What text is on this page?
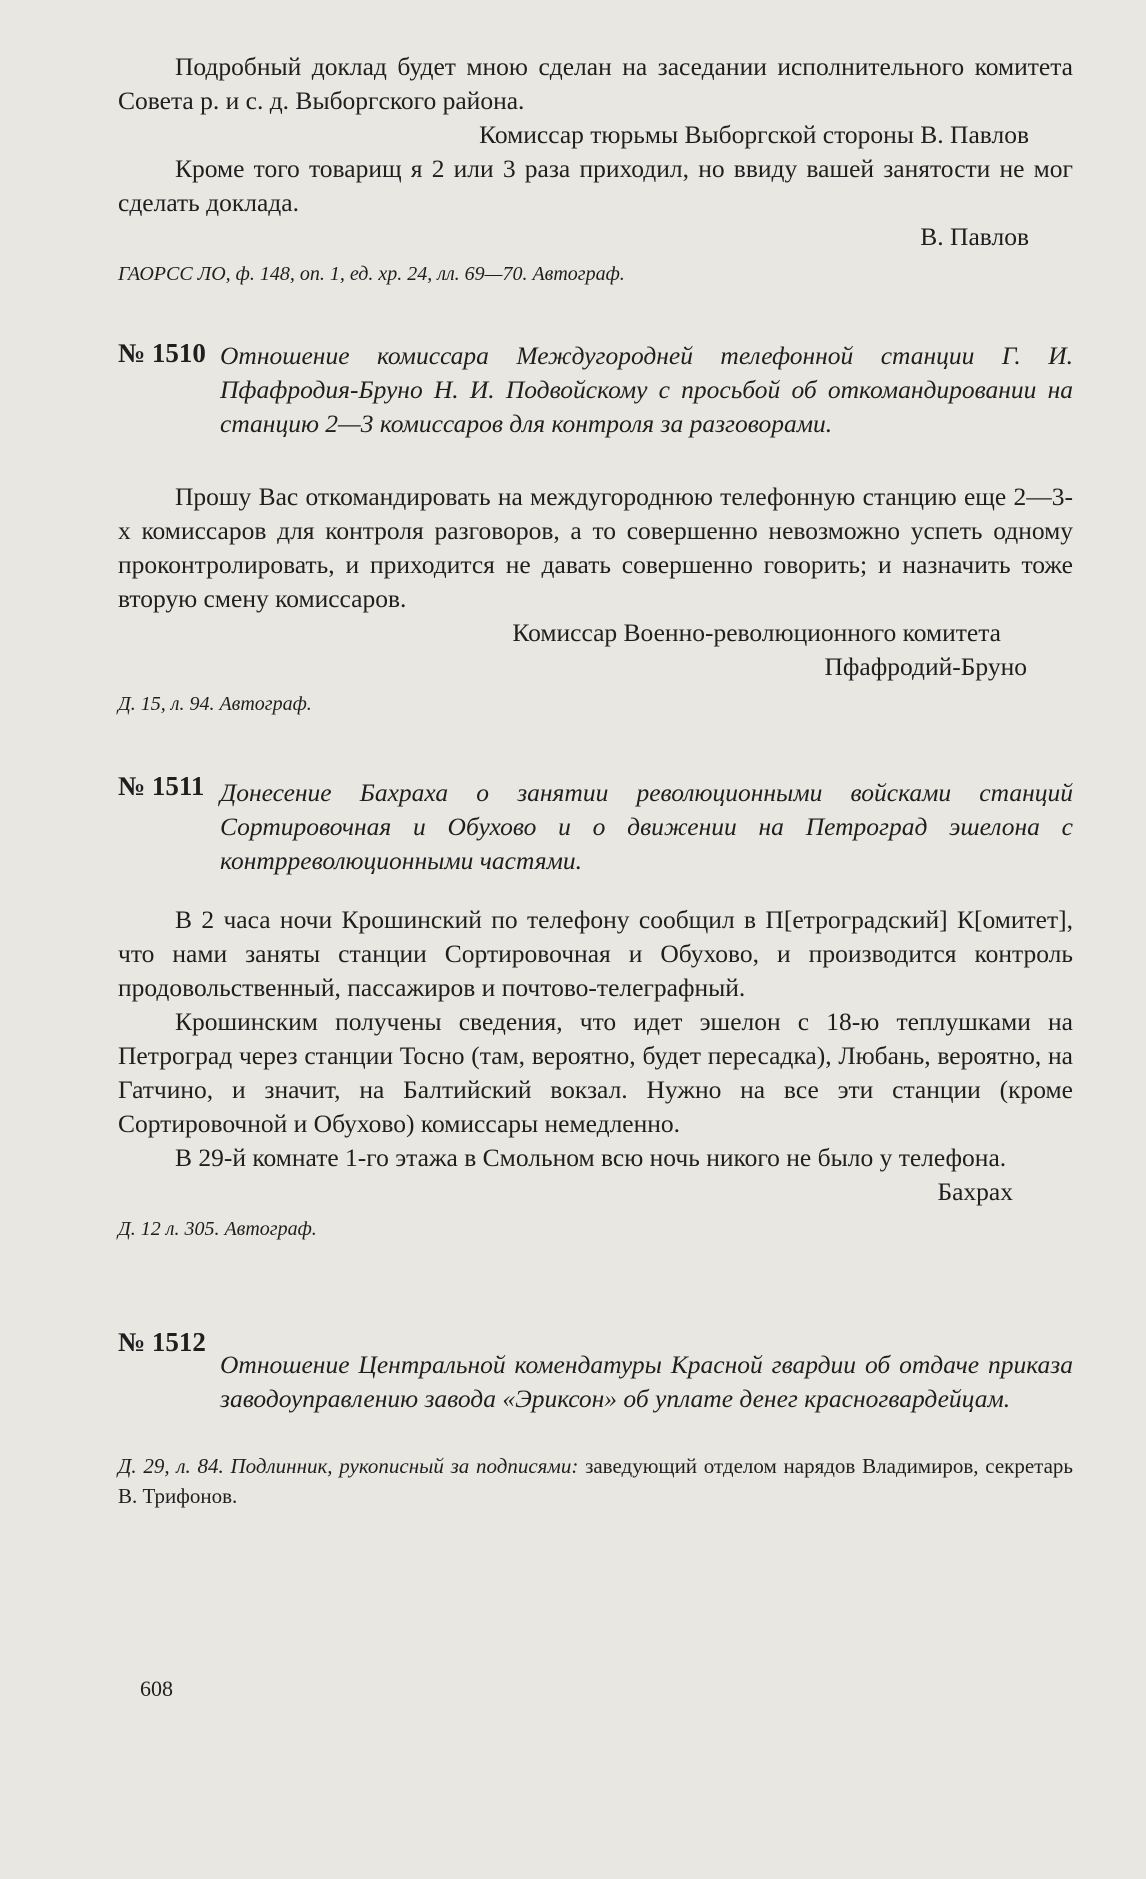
Подробный доклад будет мною сделан на заседании исполнительного комитета Совета р. и с. д. Выборгского района.

Комиссар тюрьмы Выборгской стороны В. Павлов

Кроме того товарищ я 2 или 3 раза приходил, но ввиду вашей занятости не мог сделать доклада.

В. Павлов

ГАОРСС ЛО, ф. 148, оп. 1, ед. хр. 24, лл. 69—70. Автограф.

№ 1510 Отношение комиссара Междугородней телефонной станции Г. И. Пфафродия-Бруно Н. И. Подвойскому с просьбой об откомандировании на станцию 2—3 комиссаров для контроля за разговорами.

Прошу Вас откомандировать на междугороднюю телефонную станцию еще 2—3-х комиссаров для контроля разговоров, а то совершенно невозможно успеть одному проконтролировать, и приходится не давать совершенно говорить; и назначить тоже вторую смену комиссаров.

Комиссар Военно-революционного комитета

Пфафродий-Бруно

Д. 15, л. 94. Автограф.

№ 1511 Донесение Бахраха о занятии революционными войсками станций Сортировочная и Обухово и о движении на Петроград эшелона с контрреволюционными частями.

В 2 часа ночи Крошинский по телефону сообщил в П[етроградский] К[омитет], что нами заняты станции Сортировочная и Обухово, и производится контроль продовольственный, пассажиров и почтово-телеграфный.

Крошинским получены сведения, что идет эшелон с 18-ю теплушками на Петроград через станции Тосно (там, вероятно, будет пересадка), Любань, вероятно, на Гатчино, и значит, на Балтийский вокзал. Нужно на все эти станции (кроме Сортировочной и Обухово) комиссары немедленно.

В 29-й комнате 1-го этажа в Смольном всю ночь никого не было у телефона.

Бахрах

Д. 12 л. 305. Автограф.

№ 1512

Отношение Центральной комендатуры Красной гвардии об отдаче приказа заводоуправлению завода «Эриксон» об уплате денег красногвардейцам.

Д. 29, л. 84. Подлинник, рукописный за подписями: заведующий отделом нарядов Владимиров, секретарь В. Трифонов.

608
